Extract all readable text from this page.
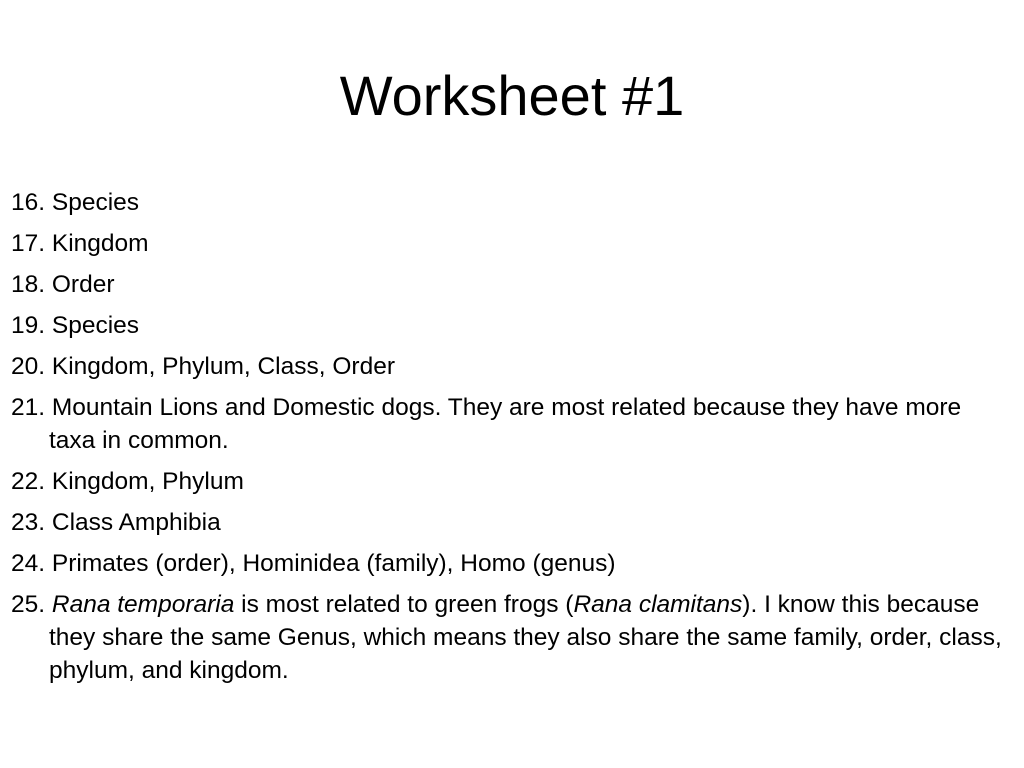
Worksheet #1
16. Species
17. Kingdom
18. Order
19. Species
20. Kingdom, Phylum, Class, Order
21. Mountain Lions and Domestic dogs. They are most related because they have more taxa in common.
22. Kingdom, Phylum
23. Class Amphibia
24. Primates (order), Hominidea (family), Homo (genus)
25. Rana temporaria is most related to green frogs (Rana clamitans). I know this because they share the same Genus, which means they also share the same family, order, class, phylum, and kingdom.
